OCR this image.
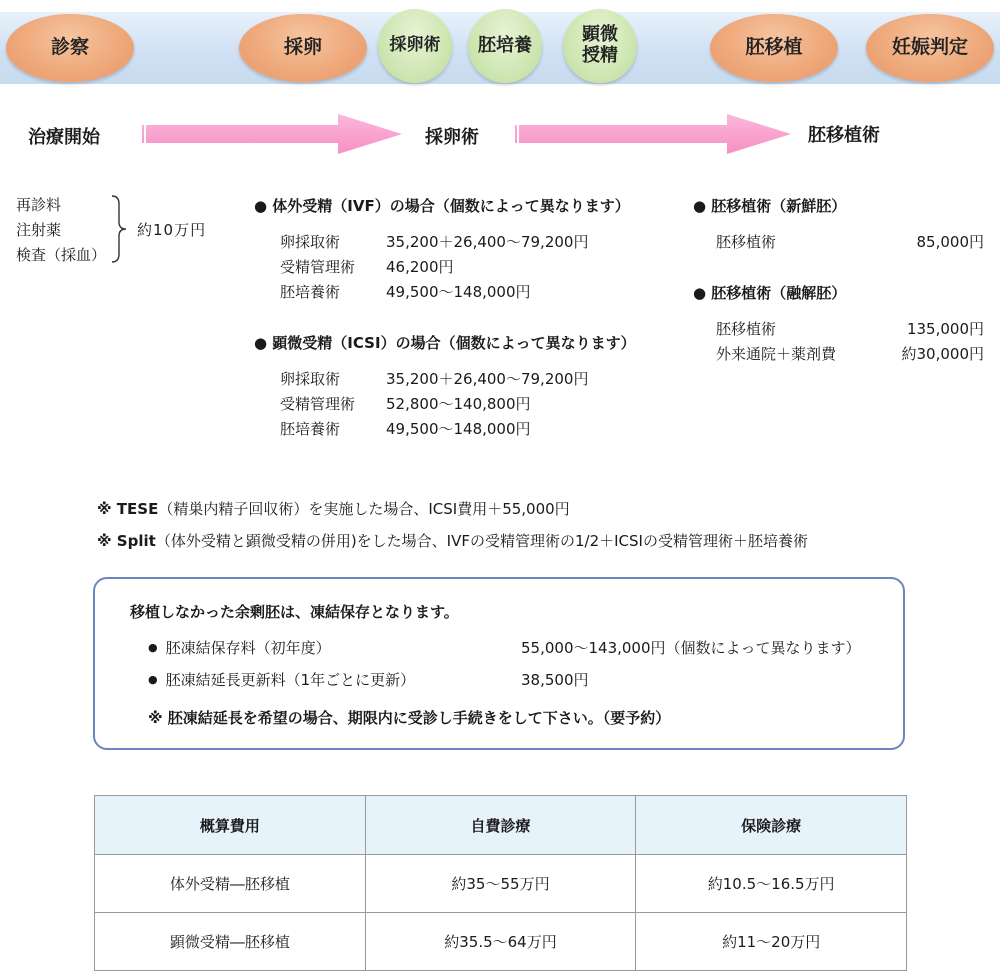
診察	採卵	採卵術	胚培養	顕微
授精	胚移植	妊娠判定
治療開始	採卵術	胚移植術
再診料
注射薬
検査（採血）
約10万円
● 体外受精（IVF）の場合（個数によって異なります）
卵採取術	35,200＋26,400〜79,200円
受精管理術 46,200円
胚培養術	49,500〜148,000円
● 顕微受精（ICSI）の場合（個数によって異なります）
卵採取術	35,200＋26,400〜79,200円
受精管理術 52,800〜140,800円
胚培養術	49,500〜148,000円
● 胚移植術（新鮮胚）
胚移植術	85,000円
● 胚移植術（融解胚）
胚移植術	135,000円
外来通院＋薬剤費	約30,000円
※ TESE（精巣内精子回収術）を実施した場合、ICSI費用＋55,000円
※ Split（体外受精と顕微受精の併用)をした場合、IVFの受精管理術の1/2＋ICSIの受精管理術＋胚培養術
移植しなかった余剰胚は、凍結保存となります。
● 胚凍結保存料（初年度）	55,000〜143,000円（個数によって異なります）
● 胚凍結延長更新料（1年ごとに更新）	38,500円
※ 胚凍結延長を希望の場合、期限内に受診し手続きをして下さい。（要予約）
概算費用	自費診療	保険診療
体外受精―胚移植	約35〜55万円	約10.5〜16.5万円
顕微受精―胚移植	約35.5〜64万円	約11〜20万円
